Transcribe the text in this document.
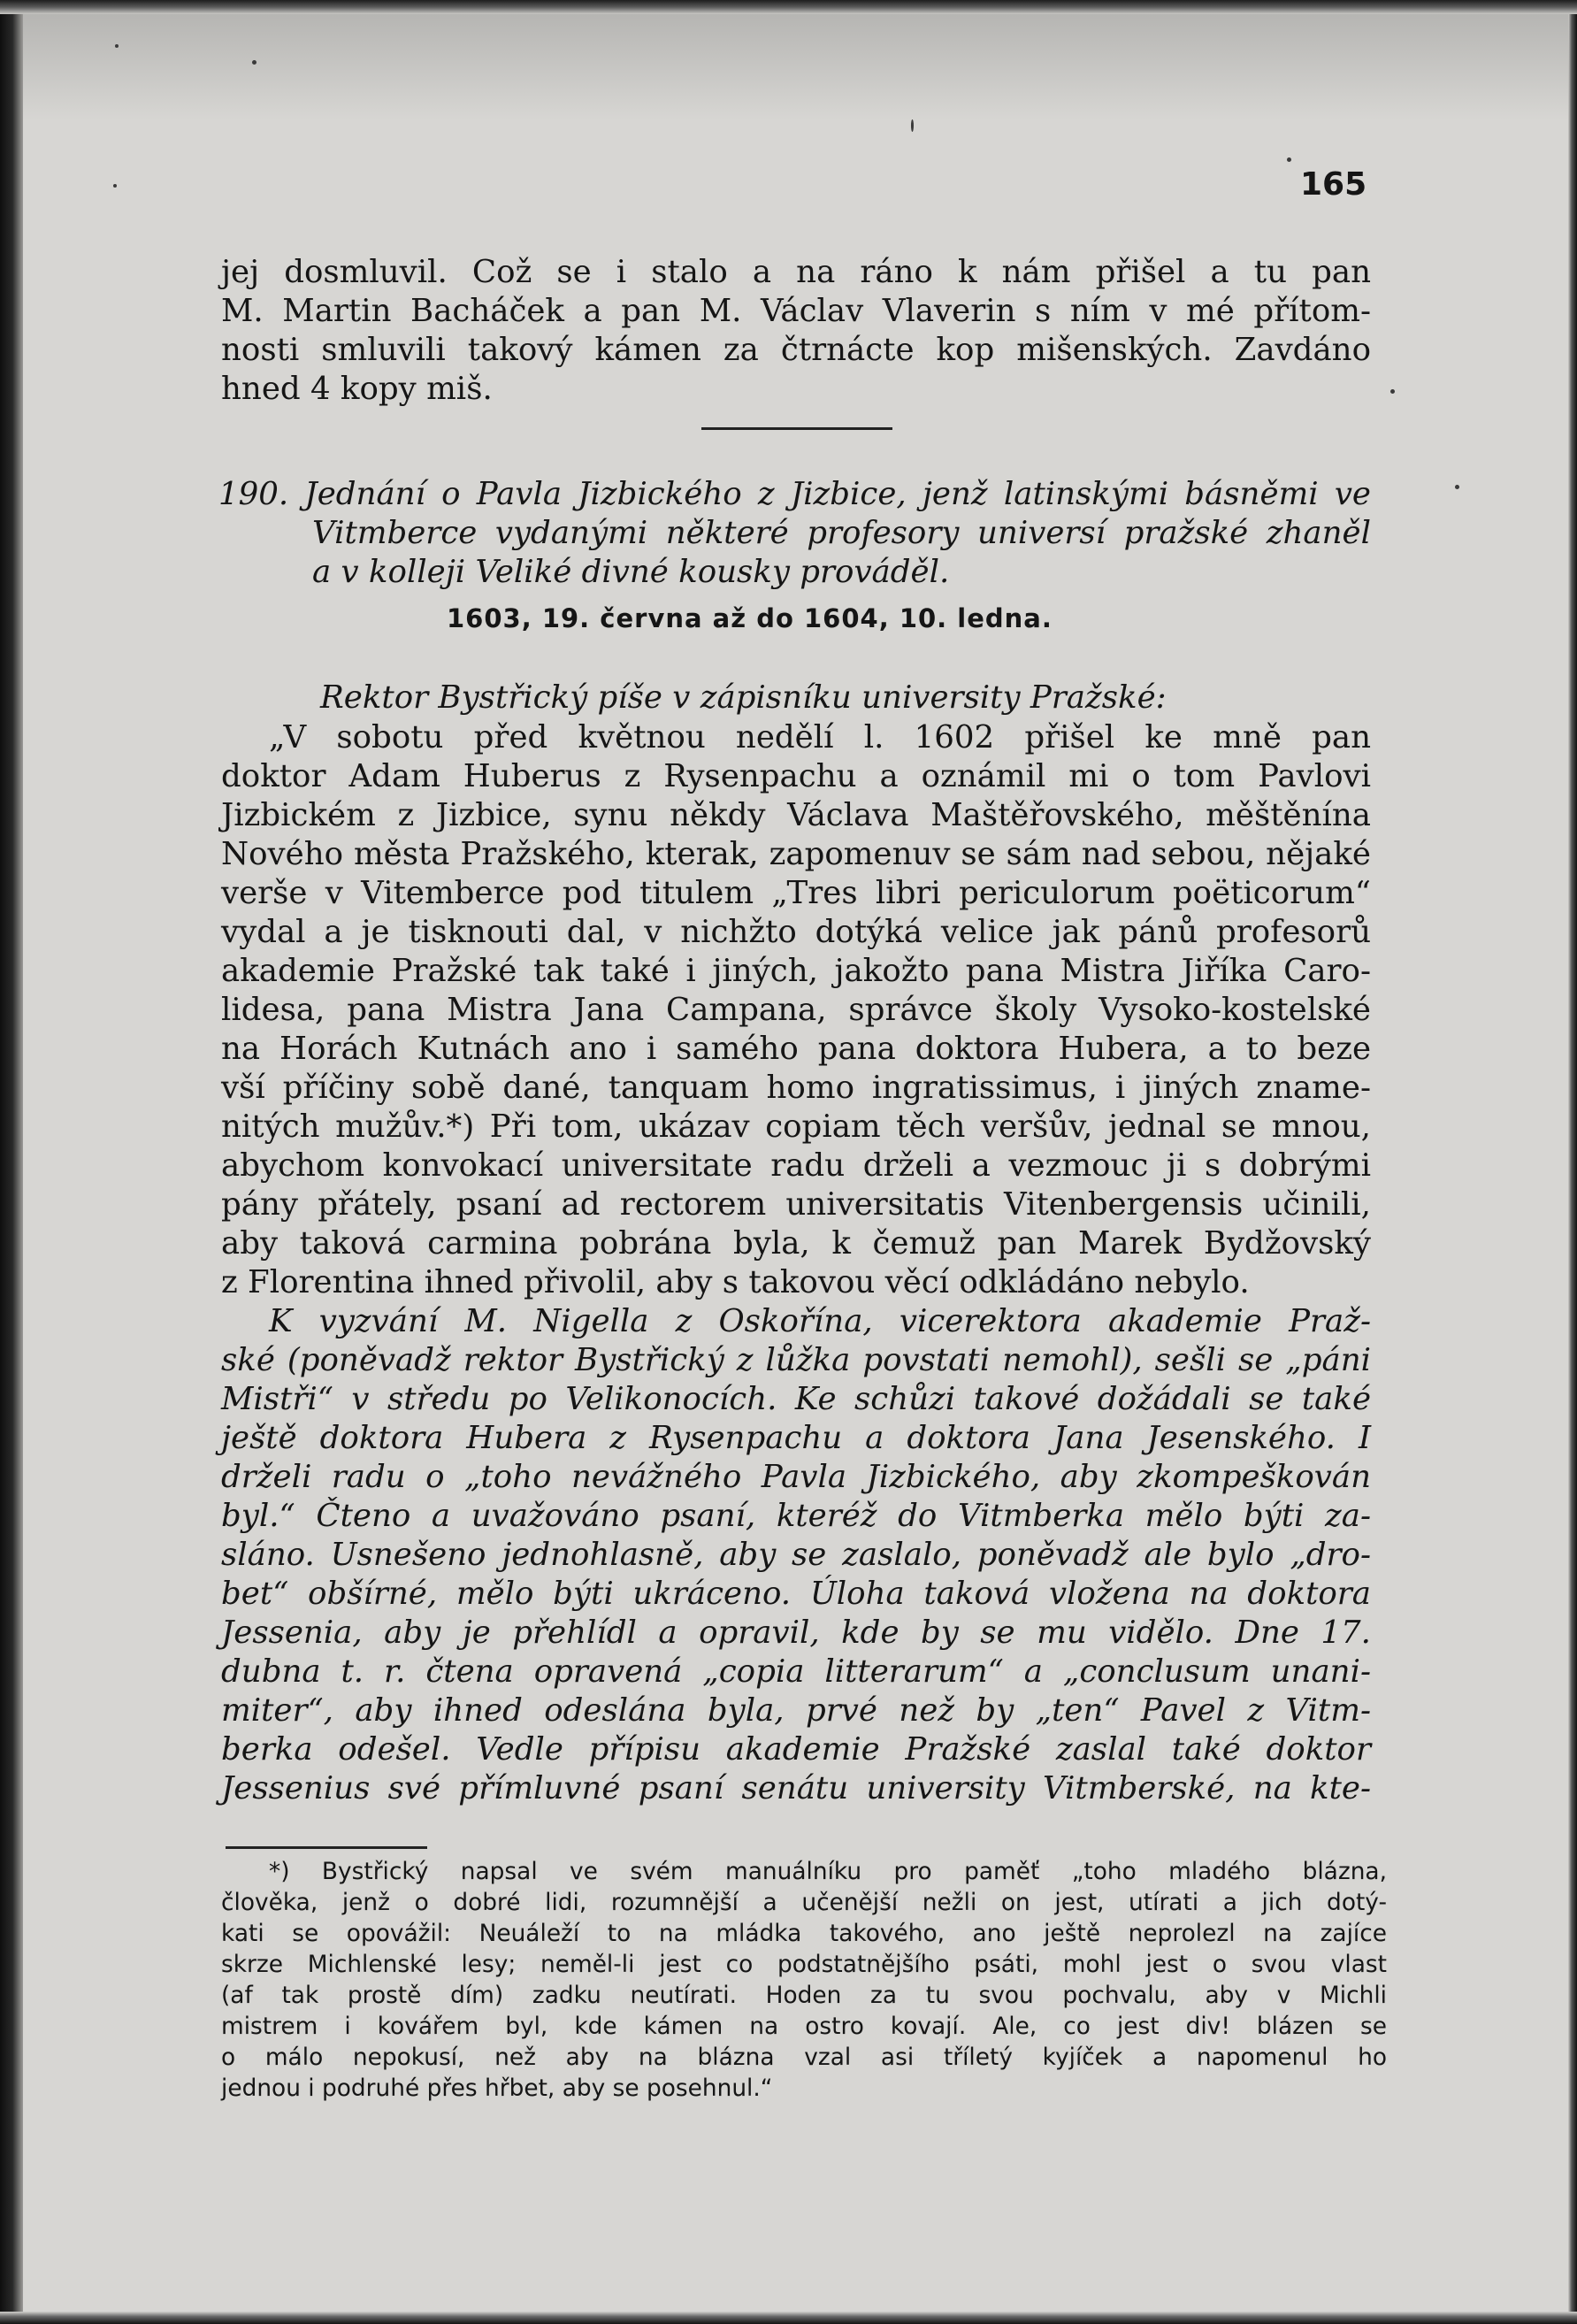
165
jej dosmluvil. Což se i stalo a na ráno k nám přišel a tu pan
M. Martin Bacháček a pan M. Václav Vlaverin s ním v mé přítom-
nosti smluvili takový kámen za čtrnácte kop mišenských. Zavdáno
hned 4 kopy miš.
190. Jednání o Pavla Jizbického z Jizbice, jenž latinskými básněmi ve
Vitmberce vydanými některé profesory universí pražské zhaněl
a v kolleji Veliké divné kousky prováděl.
1603, 19. června až do 1604, 10. ledna.
Rektor Bystřický píše v zápisníku university Pražské:
„V sobotu před květnou nedělí l. 1602 přišel ke mně pan
doktor Adam Huberus z Rysenpachu a oznámil mi o tom Pavlovi
Jizbickém z Jizbice, synu někdy Václava Maštěřovského, měštěnína
Nového města Pražského, kterak, zapomenuv se sám nad sebou, nějaké
verše v Vitemberce pod titulem „Tres libri periculorum poëticorum“
vydal a je tisknouti dal, v nichžto dotýká velice jak pánů profesorů
akademie Pražské tak také i jiných, jakožto pana Mistra Jiříka Caro-
lidesa, pana Mistra Jana Campana, správce školy Vysoko-kostelské
na Horách Kutnách ano i samého pana doktora Hubera, a to beze
vší příčiny sobě dané, tanquam homo ingratissimus, i jiných zname-
nitých mužův.*) Při tom, ukázav copiam těch veršův, jednal se mnou,
abychom konvokací universitate radu drželi a vezmouc ji s dobrými
pány přátely, psaní ad rectorem universitatis Vitenbergensis učinili,
aby taková carmina pobrána byla, k čemuž pan Marek Bydžovský
z Florentina ihned přivolil, aby s takovou věcí odkládáno nebylo.
K vyzvání M. Nigella z Oskořína, vicerektora akademie Praž-
ské (poněvadž rektor Bystřický z lůžka povstati nemohl), sešli se „páni
Mistři“ v středu po Velikonocích. Ke schůzi takové dožádali se také
ještě doktora Hubera z Rysenpachu a doktora Jana Jesenského. I
drželi radu o „toho nevážného Pavla Jizbického, aby zkompeškován
byl.“ Čteno a uvažováno psaní, kteréž do Vitmberka mělo býti za-
sláno. Usnešeno jednohlasně, aby se zaslalo, poněvadž ale bylo „dro-
bet“ obšírné, mělo býti ukráceno. Úloha taková vložena na doktora
Jessenia, aby je přehlídl a opravil, kde by se mu vidělo. Dne 17.
dubna t. r. čtena opravená „copia litterarum“ a „conclusum unani-
miter“, aby ihned odeslána byla, prvé než by „ten“ Pavel z Vitm-
berka odešel. Vedle přípisu akademie Pražské zaslal také doktor
Jessenius své přímluvné psaní senátu university Vitmberské, na kte-
*) Bystřický napsal ve svém manuálníku pro paměť „toho mladého blázna,
člověka, jenž o dobré lidi, rozumnější a učenější nežli on jest, utírati a jich dotý-
kati se opovážil: Neuáleží to na mládka takového, ano ještě neprolezl na zajíce
skrze Michlenské lesy; neměl-li jest co podstatnějšího psáti, mohl jest o svou vlast
(af tak prostě dím) zadku neutírati. Hoden za tu svou pochvalu, aby v Michli
mistrem i kovářem byl, kde kámen na ostro kovají. Ale, co jest div! blázen se
o málo nepokusí, než aby na blázna vzal asi tříletý kyjíček a napomenul ho
jednou i podruhé přes hřbet, aby se posehnul.“
